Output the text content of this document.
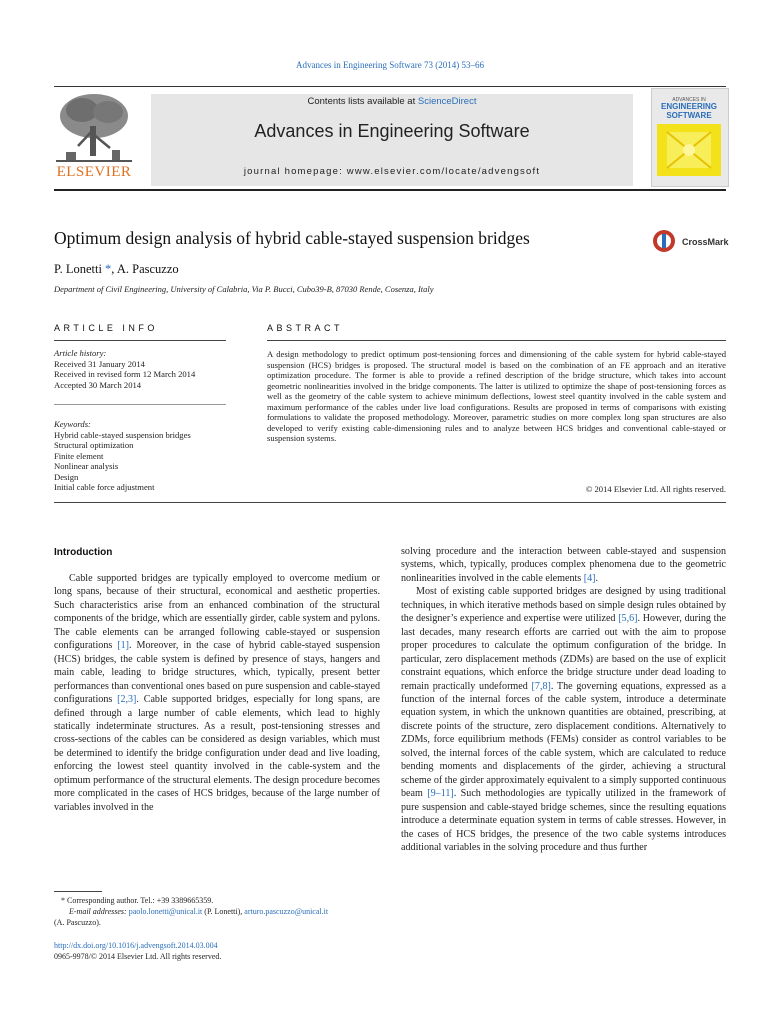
Advances in Engineering Software 73 (2014) 53–66
ELSEVIER
Contents lists available at ScienceDirect
Advances in Engineering Software
journal homepage: www.elsevier.com/locate/advengsoft
ADVANCES IN
ENGINEERING
SOFTWARE
Optimum design analysis of hybrid cable-stayed suspension bridges	CrossMark
P. Lonetti *, A. Pascuzzo
Department of Civil Engineering, University of Calabria, Via P. Bucci, Cubo39-B, 87030 Rende, Cosenza, Italy
ARTICLE INFO
Article history:
Received 31 January 2014
Received in revised form 12 March 2014
Accepted 30 March 2014
Keywords:
Hybrid cable-stayed suspension bridges
Structural optimization
Finite element
Nonlinear analysis
Design
Initial cable force adjustment
ABSTRACT
A design methodology to predict optimum post-tensioning forces and dimensioning of the cable system for hybrid cable-stayed suspension (HCS) bridges is proposed. The structural model is based on the combination of an FE approach and an iterative optimization procedure. The former is able to provide a refined description of the bridge structure, which takes into account geometric nonlinearities involved in the bridge components. The latter is utilized to optimize the shape of post-tensioning forces as well as the geometry of the cable system to achieve minimum deflections, lowest steel quantity involved in the cable system and maximum performance of the cables under live load configurations. Results are proposed in terms of comparisons with existing formulations to validate the proposed methodology. Moreover, parametric studies on more complex long span structures are also developed to verify existing cable-dimensioning rules and to analyze between HCS bridges and conventional cable-stayed or suspension systems.
© 2014 Elsevier Ltd. All rights reserved.
Introduction

Cable supported bridges are typically employed to overcome medium or long spans, because of their structural, economical and aesthetic properties. Such characteristics arise from an enhanced combination of the structural components of the bridge, which are essentially girder, cable system and pylons. The cable elements can be arranged following cable-stayed or suspension configurations [1]. Moreover, in the case of hybrid cable-stayed suspension (HCS) bridges, the cable system is defined by presence of stays, hangers and main cable, leading to bridge structures, which, typically, present better performances than conventional ones based on pure suspension and cable-stayed configurations [2,3]. Cable supported bridges, especially for long spans, are defined through a large number of cable elements, which lead to highly statically indeterminate structures. As a result, post-tensioning stresses and cross-sections of the cables can be considered as design variables, which must be determined to identify the bridge configuration under dead and live loading, enforcing the lowest steel quantity involved in the cable-system and the optimum performance of the structural elements. The design procedure becomes more complicated in the cases of HCS bridges, because of the large number of variables involved in the

solving procedure and the interaction between cable-stayed and suspension systems, which, typically, produces complex phenomena due to the geometric nonlinearities involved in the cable elements [4].

Most of existing cable supported bridges are designed by using traditional techniques, in which iterative methods based on simple design rules obtained by the designer’s experience and expertise were utilized [5,6]. However, during the last decades, many research efforts are carried out with the aim to propose proper procedures to calculate the optimum configuration of the bridge. In particular, zero displacement methods (ZDMs) are based on the use of explicit constraint equations, which enforce the bridge structure under dead loading to remain practically undeformed [7,8]. The governing equations, expressed as a function of the internal forces of the cable system, introduce a determinate equation system, in which the unknown quantities are obtained, prescribing, at discrete points of the structure, zero displacement conditions. Alternatively to ZDMs, force equilibrium methods (FEMs) consider as control variables to be solved, the internal forces of the cable system, which are calculated to reduce bending moments and displacements of the girder, achieving a structural scheme of the girder approximately equivalent to a simply supported continuous beam [9–11]. Such methodologies are typically utilized in the framework of pure suspension and cable-stayed bridge schemes, since the resulting equations introduce a determinate equation system in terms of cable stresses. However, in the cases of HCS bridges, the presence of the two cable systems introduces additional variables in the solving procedure and thus further

* Corresponding author. Tel.: +39 3389665359.
E-mail addresses: paolo.lonetti@unical.it (P. Lonetti), arturo.pascuzzo@unical.it
(A. Pascuzzo).
http://dx.doi.org/10.1016/j.advengsoft.2014.03.004
0965-9978/© 2014 Elsevier Ltd. All rights reserved.
